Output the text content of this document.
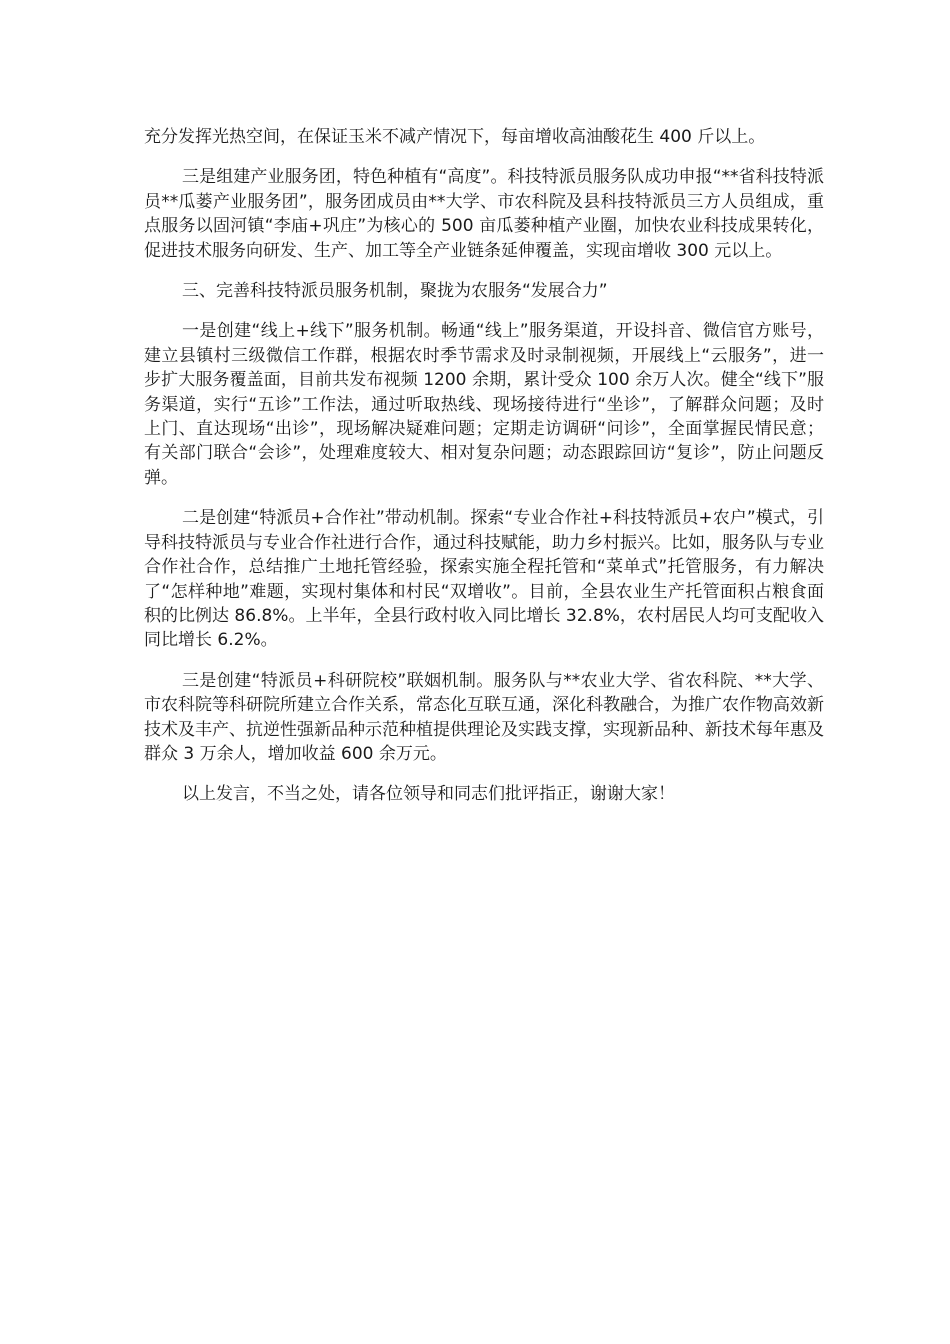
充分发挥光热空间，在保证玉米不减产情况下，每亩增收高油酸花生 400 斤以上。

三是组建产业服务团，特色种植有“高度”。科技特派员服务队成功申报“**省科技特派员**瓜蒌产业服务团”，服务团成员由**大学、市农科院及县科技特派员三方人员组成，重点服务以固河镇“李庙+巩庄”为核心的 500 亩瓜蒌种植产业圈，加快农业科技成果转化，促进技术服务向研发、生产、加工等全产业链条延伸覆盖，实现亩增收 300 元以上。

三、完善科技特派员服务机制，聚拢为农服务“发展合力”

一是创建“线上+线下”服务机制。畅通“线上”服务渠道，开设抖音、微信官方账号，建立县镇村三级微信工作群，根据农时季节需求及时录制视频，开展线上“云服务”，进一步扩大服务覆盖面，目前共发布视频 1200 余期，累计受众 100 余万人次。健全“线下”服务渠道，实行“五诊”工作法，通过听取热线、现场接待进行“坐诊”，了解群众问题；及时上门、直达现场“出诊”，现场解决疑难问题；定期走访调研“问诊”，全面掌握民情民意；有关部门联合“会诊”，处理难度较大、相对复杂问题；动态跟踪回访“复诊”，防止问题反弹。

二是创建“特派员+合作社”带动机制。探索“专业合作社+科技特派员+农户”模式，引导科技特派员与专业合作社进行合作，通过科技赋能，助力乡村振兴。比如，服务队与专业合作社合作，总结推广土地托管经验，探索实施全程托管和“菜单式”托管服务，有力解决了“怎样种地”难题，实现村集体和村民“双增收”。目前，全县农业生产托管面积占粮食面积的比例达 86.8%。上半年，全县行政村收入同比增长 32.8%，农村居民人均可支配收入同比增长 6.2%。

三是创建“特派员+科研院校”联姻机制。服务队与**农业大学、省农科院、**大学、市农科院等科研院所建立合作关系，常态化互联互通，深化科教融合，为推广农作物高效新技术及丰产、抗逆性强新品种示范种植提供理论及实践支撑，实现新品种、新技术每年惠及群众 3 万余人，增加收益 600 余万元。

以上发言，不当之处，请各位领导和同志们批评指正，谢谢大家！
